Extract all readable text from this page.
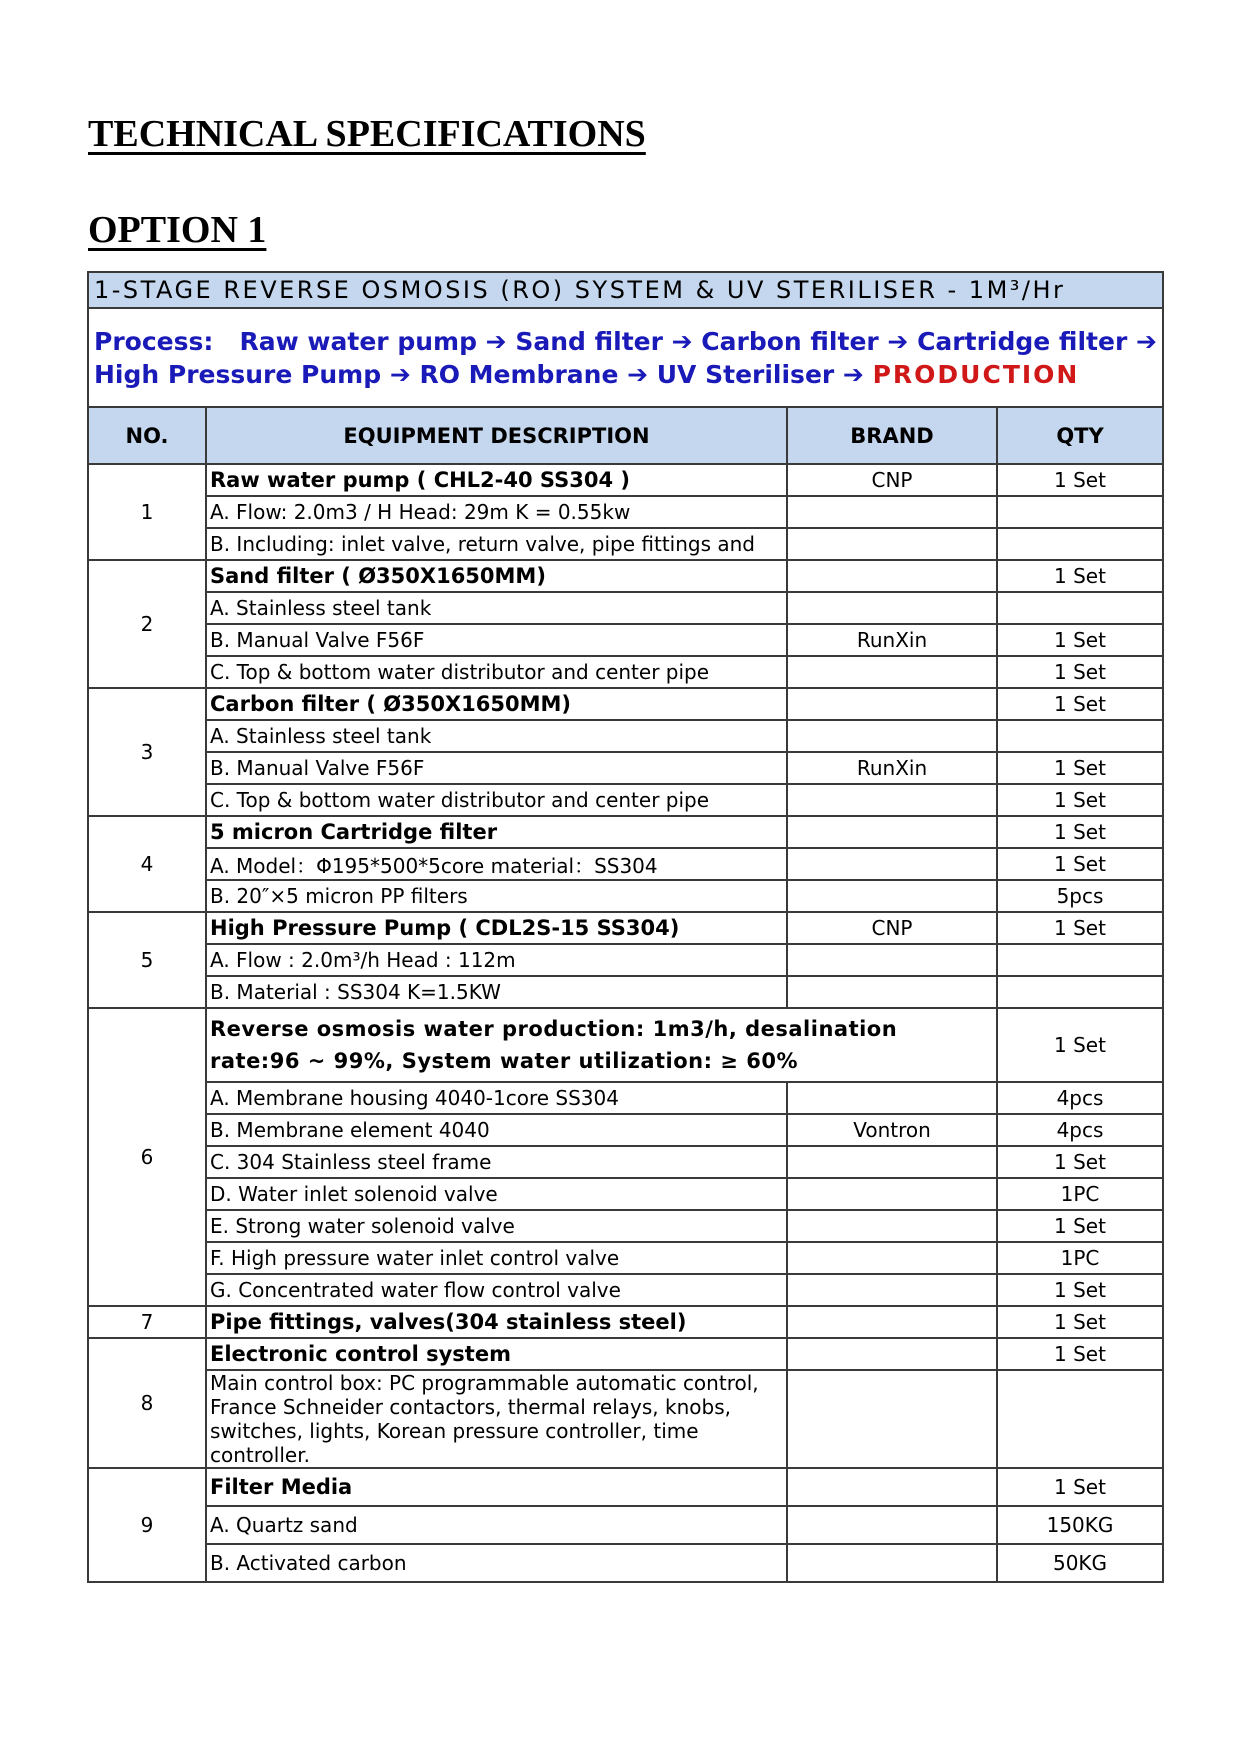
TECHNICAL SPECIFICATIONS
OPTION 1
1-STAGE REVERSE OSMOSIS (RO) SYSTEM & UV STERILISER - 1M³/Hr			
Process: Raw water pump ➔ Sand filter ➔ Carbon filter ➔ Cartridge filter ➔
High Pressure Pump ➔ RO Membrane ➔ UV Steriliser ➔ PRODUCTION			
NO.	EQUIPMENT DESCRIPTION	BRAND	QTY
1	Raw water pump ( CHL2-40 SS304 )	CNP	1 Set
	A. Flow: 2.0m3 / H Head: 29m K = 0.55kw		
	B. Including: inlet valve, return valve, pipe fittings and		
2	Sand filter ( Ø350X1650MM)		1 Set
	A. Stainless steel tank		
	B. Manual Valve F56F	RunXin	1 Set
	C. Top & bottom water distributor and center pipe		1 Set
3	Carbon filter ( Ø350X1650MM)		1 Set
	A. Stainless steel tank		
	B. Manual Valve F56F	RunXin	1 Set
	C. Top & bottom water distributor and center pipe		1 Set
4	5 micron Cartridge filter		1 Set
	A. Model：Φ195*500*5core material：SS304		1 Set
	B. 20″×5 micron PP filters		5pcs
5	High Pressure Pump ( CDL2S-15 SS304)	CNP	1 Set
	A. Flow : 2.0m³/h Head : 112m		
	B. Material : SS304 K=1.5KW		
6	Reverse osmosis water production: 1m3/h, desalination rate:96 ~ 99%, System water utilization: ≥ 60%		1 Set
	A. Membrane housing 4040-1core SS304		4pcs
	B. Membrane element 4040	Vontron	4pcs
	C. 304 Stainless steel frame		1 Set
	D. Water inlet solenoid valve		1PC
	E. Strong water solenoid valve		1 Set
	F. High pressure water inlet control valve		1PC
	G. Concentrated water flow control valve		1 Set
7	Pipe fittings, valves(304 stainless steel)		1 Set
8	Electronic control system		1 Set
	Main control box: PC programmable automatic control, France Schneider contactors, thermal relays, knobs, switches, lights, Korean pressure controller, time controller.		
9	Filter Media		1 Set
	A. Quartz sand		150KG
	B. Activated carbon		50KG
